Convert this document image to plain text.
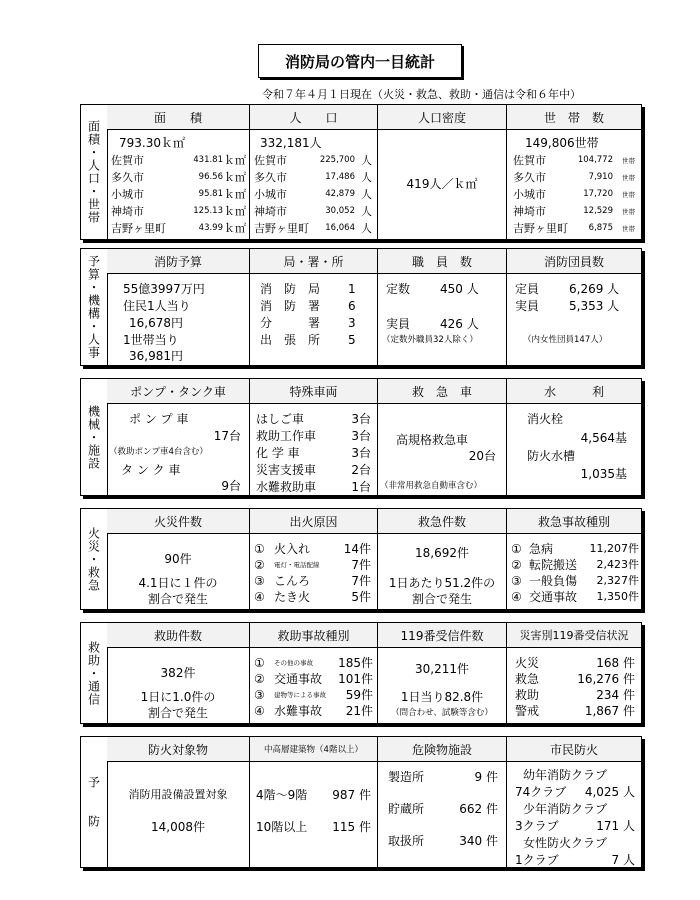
消防局の管内一目統計
令和７年４月１日現在（火災・救急、救助・通信は令和６年中）
面積・人口・世帯
面　　積
793.30ｋ㎡
佐賀市	431.81 ｋ㎡
多久市	96.56 ｋ㎡
小城市	95.81 ｋ㎡
神埼市	125.13 ｋ㎡
吉野ヶ里町	43.99 ｋ㎡
人　　口
332,181人
佐賀市	225,700 人
多久市	17,486 人
小城市	42,879 人
神埼市	30,052 人
吉野ヶ里町 16,064 人
人口密度
419人／ｋ㎡
世　帯　数
149,806世帯
佐賀市	104,772 世帯
多久市	7,910 世帯
小城市	17,720 世帯
神埼市	12,529 世帯
吉野ヶ里町 6,875 世帯
予算・機構・人事	消防予算
55億3997万円
住民1人当り
16,678円
1世帯当り
36,981円
局・署・所
消　防　局 1
消　防　署 6
分　　　署 3
出　張　所 5
職　員　数
定数 450 人
実員 426 人
（定数外職員32人除く）
消防団員数
定員 6,269 人
実員 5,353 人
（内女性団員147人）
機械・施設
ポンプ・タンク車
ポ ン プ 車
17台
（救助ポンプ車4台含む）
タ ン ク 車
9台
特殊車両
はしご車	3台
救助工作車	3台
化 学 車	3台
災害支援車	2台
水難救助車	1台
救　急　車
高規格救急車
20台
（非常用救急自動車含む）
水　　　利
消火栓
4,564基
防火水槽
1,035基
火災・救急
火災件数
90件
4.1日に１件の
割合で発生
出火原因
① 火入れ	14件
② 電灯・電話配線	7件
③ こんろ	7件
④ たき火	5件
救急件数
18,692件
1日あたり51.2件の
割合で発生
救急事故種別
① 急病	11,207件
② 転院搬送 2,423件
③ 一般負傷 2,327件
④ 交通事故 1,350件
救助・通信
救助件数
382件
1日に1.0件の
割合で発生
救助事故種別
① その他の事故 185件
② 交通事故 101件
③ 建物等による事故 59件
④ 水難事故 21件
119番受信件数
30,211件
1日当り82.8件
（問合わせ、試験等含む）
災害別119番受信状況
火災	168 件
救急	16,276 件
救助	234 件
警戒	1,867 件
予　　防
防火対象物
消防用設備設置対象
14,008件
中高層建築物（4階以上）
4階～9階 987 件
10階以上 115 件
危険物施設
製造所	9 件
貯蔵所	662 件
取扱所	340 件
市民防火
幼年消防クラブ
74クラブ 4,025 人
少年消防クラブ
3クラブ	171 人
女性防火クラブ
1クラブ	7 人
